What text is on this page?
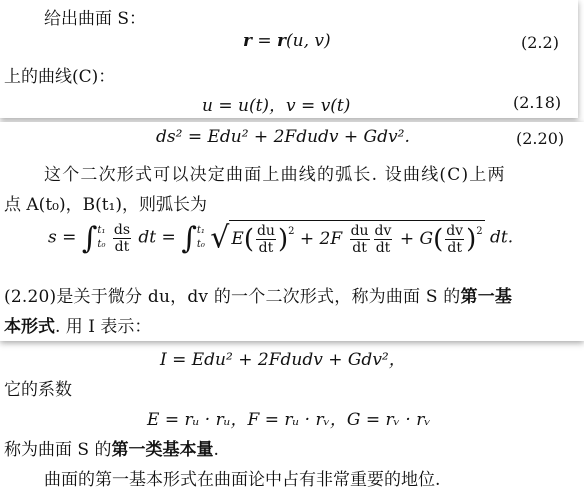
给出曲面 S：
r = r(u, v)	(2.2)
上的曲线(C)：
u = u(t)，v = v(t)	(2.18)
ds² = Edu² + 2Fdudv + Gdv².	(2.20)
这个二次形式可以决定曲面上曲线的弧长. 设曲线(C)上两
点 A(t₀)，B(t₁)，则弧长为
s = ∫ t₁
t₀
$\frac{ds}{dt}$ dt = ∫ t₁
t₀ √ $E( \frac{du}{dt} )^2 + 2F \frac{du}{dt} \frac{dv}{dt} + G( \frac{dv}{dt} )^2$ dt.
(2.20)是关于微分 du，dv 的一个二次形式，称为曲面 S 的第一基
本形式. 用 Ⅰ 表示：
Ⅰ = Edu² + 2Fdudv + Gdv²，
它的系数
E = rᵤ · rᵤ，F = rᵤ · rᵥ，G = rᵥ · rᵥ
称为曲面 S 的第一类基本量.
曲面的第一基本形式在曲面论中占有非常重要的地位.
